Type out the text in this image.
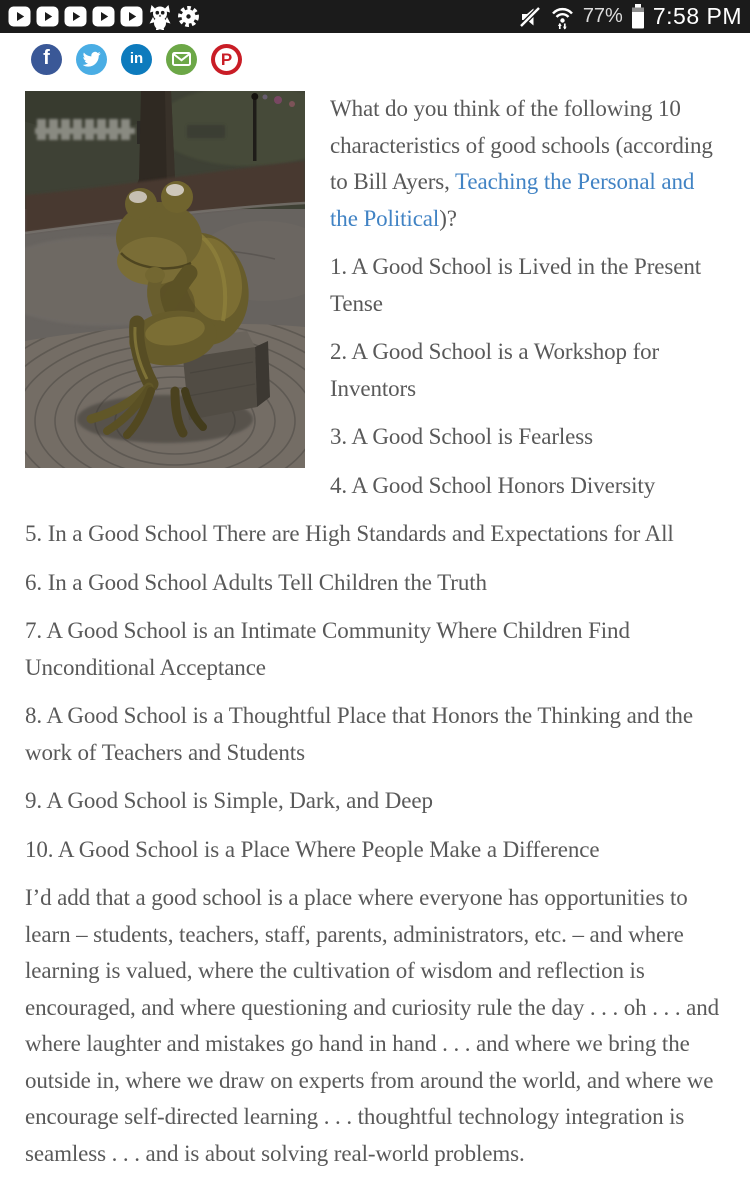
77% 7:58 PM
f	in	P

What do you think of the following 10 characteristics of good schools (according to Bill Ayers, Teaching the Personal and the Political)?

1. A Good School is Lived in the Present Tense

2. A Good School is a Workshop for Inventors

3. A Good School is Fearless

4. A Good School Honors Diversity

5. In a Good School There are High Standards and Expectations for All

6. In a Good School Adults Tell Children the Truth

7. A Good School is an Intimate Community Where Children Find Unconditional Acceptance

8. A Good School is a Thoughtful Place that Honors the Thinking and the work of Teachers and Students

9. A Good School is Simple, Dark, and Deep

10. A Good School is a Place Where People Make a Difference

I’d add that a good school is a place where everyone has opportunities to learn – students, teachers, staff, parents, administrators, etc. – and where learning is valued, where the cultivation of wisdom and reflection is encouraged, and where questioning and curiosity rule the day . . . oh . . . and where laughter and mistakes go hand in hand . . . and where we bring the outside in, where we draw on experts from around the world, and where we encourage self-directed learning . . . thoughtful technology integration is seamless . . . and is about solving real-world problems.
